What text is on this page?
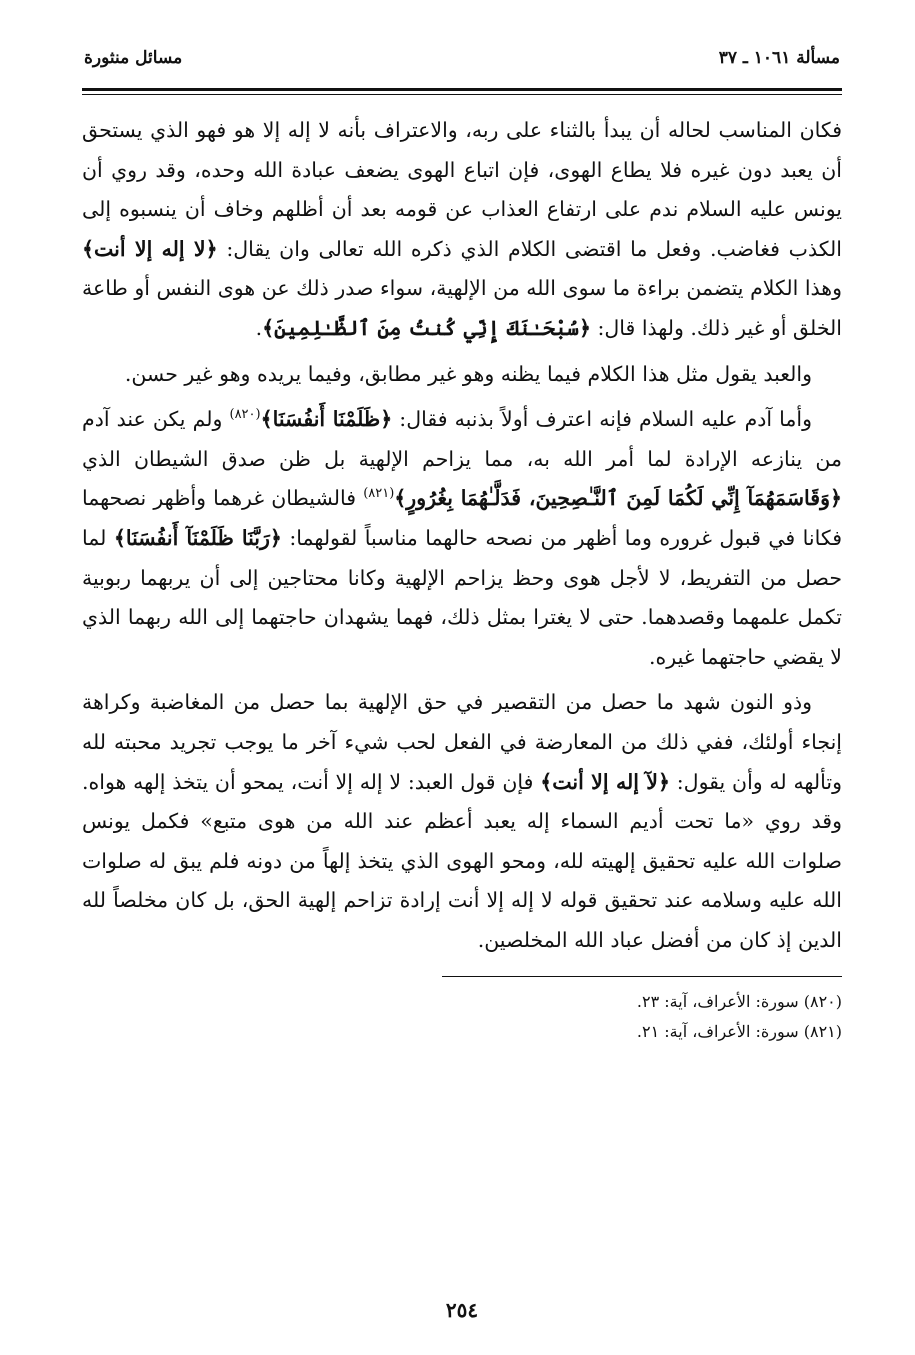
مسألة ١٠٦١ ـ ٣٧
مسائل منثورة

فكان المناسب لحاله أن يبدأ بالثناء على ربه، والاعتراف بأنه لا إله إلا هو فهو الذي يستحق أن يعبد دون غيره فلا يطاع الهوى، فإن اتباع الهوى يضعف عبادة الله وحده، وقد روي أن يونس عليه السلام ندم على ارتفاع العذاب عن قومه بعد أن أظلهم وخاف أن ينسبوه إلى الكذب فغاضب. وفعل ما اقتضى الكلام الذي ذكره الله تعالى وان يقال: ﴿لا إله إلا أنت﴾ وهذا الكلام يتضمن براءة ما سوى الله من الإلهية، سواء صدر ذلك عن هوى النفس أو طاعة الخلق أو غير ذلك. ولهذا قال: ﴿سُبْحَـٰنَكَ إِنِّي كُنتُ مِنَ ٱلظَّـٰلِمِينَ﴾.

والعبد يقول مثل هذا الكلام فيما يظنه وهو غير مطابق، وفيما يريده وهو غير حسن.

وأما آدم عليه السلام فإنه اعترف أولاً بذنبه فقال: ﴿ظَلَمْنَا أَنفُسَنَا﴾$^{(٨٢٠)}$ ولم يكن عند آدم من ينازعه الإرادة لما أمر الله به، مما يزاحم الإلهية بل ظن صدق الشيطان الذي ﴿وَقَاسَمَهُمَآ إِنِّي لَكُمَا لَمِنَ ٱلنَّـٰصِحِينَ، فَدَلَّـٰهُمَا بِغُرُورٍ﴾$^{(٨٢١)}$ فالشيطان غرهما وأظهر نصحهما فكانا في قبول غروره وما أظهر من نصحه حالهما مناسباً لقولهما: ﴿رَبَّنَا ظَلَمْنَآ أَنفُسَنَا﴾ لما حصل من التفريط، لا لأجل هوى وحظ يزاحم الإلهية وكانا محتاجين إلى أن يربهما ربوبية تكمل علمهما وقصدهما. حتى لا يغترا بمثل ذلك، فهما يشهدان حاجتهما إلى الله ربهما الذي لا يقضي حاجتهما غيره.

وذو النون شهد ما حصل من التقصير في حق الإلهية بما حصل من المغاضبة وكراهة إنجاء أولئك، ففي ذلك من المعارضة في الفعل لحب شيء آخر ما يوجب تجريد محبته لله وتألهه له وأن يقول: ﴿لآ إله إلا أنت﴾ فإن قول العبد: لا إله إلا أنت، يمحو أن يتخذ إلهه هواه. وقد روي «ما تحت أديم السماء إله يعبد أعظم عند الله من هوى متبع» فكمل يونس صلوات الله عليه تحقيق إلهيته لله، ومحو الهوى الذي يتخذ إلهاً من دونه فلم يبق له صلوات الله عليه وسلامه عند تحقيق قوله لا إله إلا أنت إرادة تزاحم إلهية الحق، بل كان مخلصاً لله الدين إذ كان من أفضل عباد الله المخلصين.

(٨٢٠) سورة: الأعراف، آية: ٢٣.
(٨٢١) سورة: الأعراف، آية: ٢١.
٢٥٤
